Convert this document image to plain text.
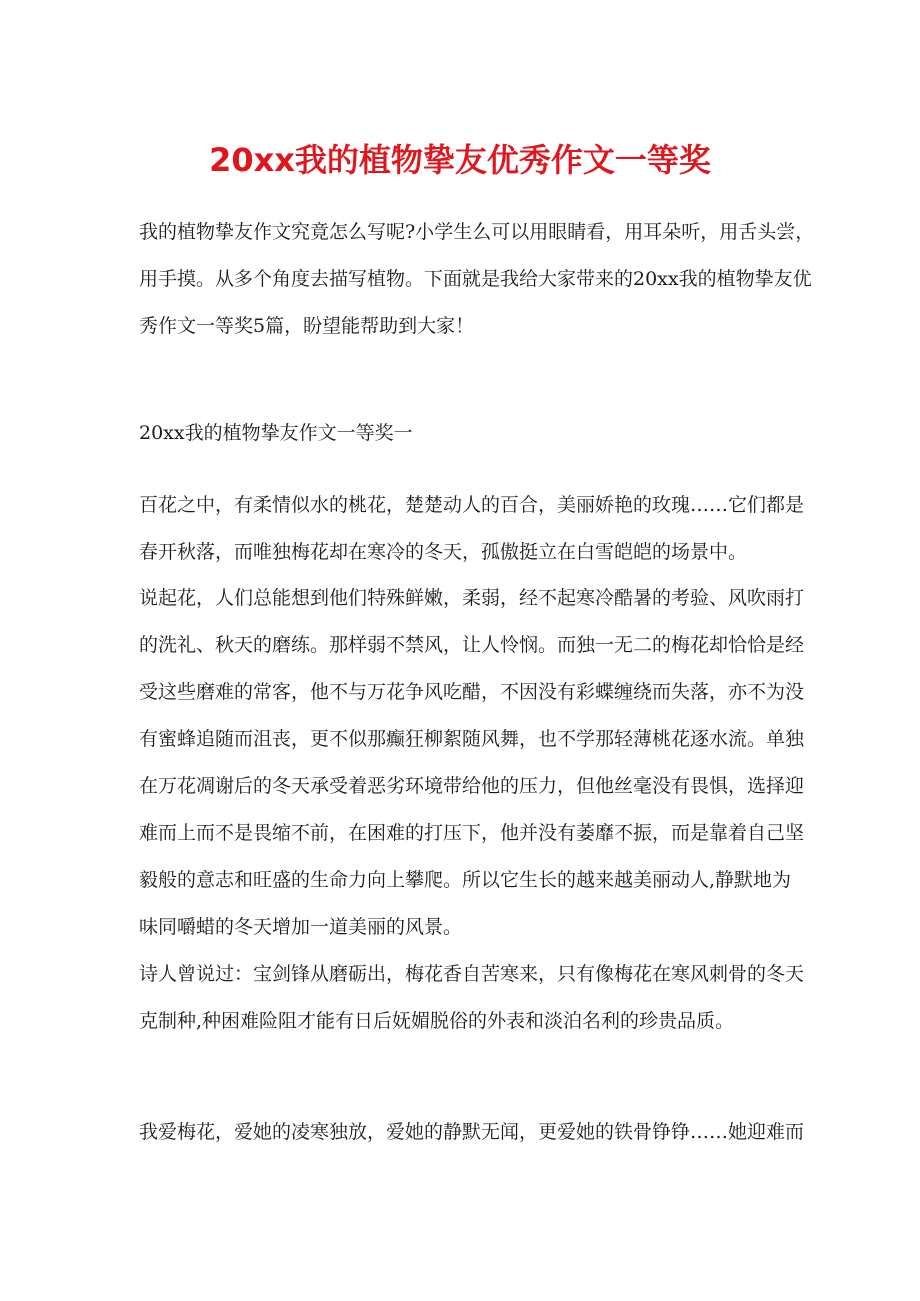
20xx我的植物挚友优秀作文一等奖
我的植物挚友作文究竟怎么写呢?小学生么可以用眼睛看，用耳朵听，用舌头尝，
用手摸。从多个角度去描写植物。下面就是我给大家带来的20xx我的植物挚友优
秀作文一等奖5篇，盼望能帮助到大家！
20xx我的植物挚友作文一等奖一
百花之中，有柔情似水的桃花，楚楚动人的百合，美丽娇艳的玫瑰……它们都是
春开秋落，而唯独梅花却在寒冷的冬天，孤傲挺立在白雪皑皑的场景中。
说起花，人们总能想到他们特殊鲜嫩，柔弱，经不起寒冷酷暑的考验、风吹雨打
的洗礼、秋天的磨练。那样弱不禁风，让人怜悯。而独一无二的梅花却恰恰是经
受这些磨难的常客，他不与万花争风吃醋，不因没有彩蝶缠绕而失落，亦不为没
有蜜蜂追随而沮丧，更不似那癫狂柳絮随风舞，也不学那轻薄桃花逐水流。单独
在万花凋谢后的冬天承受着恶劣环境带给他的压力，但他丝毫没有畏惧，选择迎
难而上而不是畏缩不前，在困难的打压下，他并没有萎靡不振，而是靠着自己坚
毅般的意志和旺盛的生命力向上攀爬。所以它生长的越来越美丽动人,静默地为
味同嚼蜡的冬天增加一道美丽的风景。
诗人曾说过：宝剑锋从磨砺出，梅花香自苦寒来，只有像梅花在寒风刺骨的冬天
克制种,种困难险阻才能有日后妩媚脱俗的外表和淡泊名利的珍贵品质。
我爱梅花，爱她的凌寒独放，爱她的静默无闻，更爱她的铁骨铮铮……她迎难而
